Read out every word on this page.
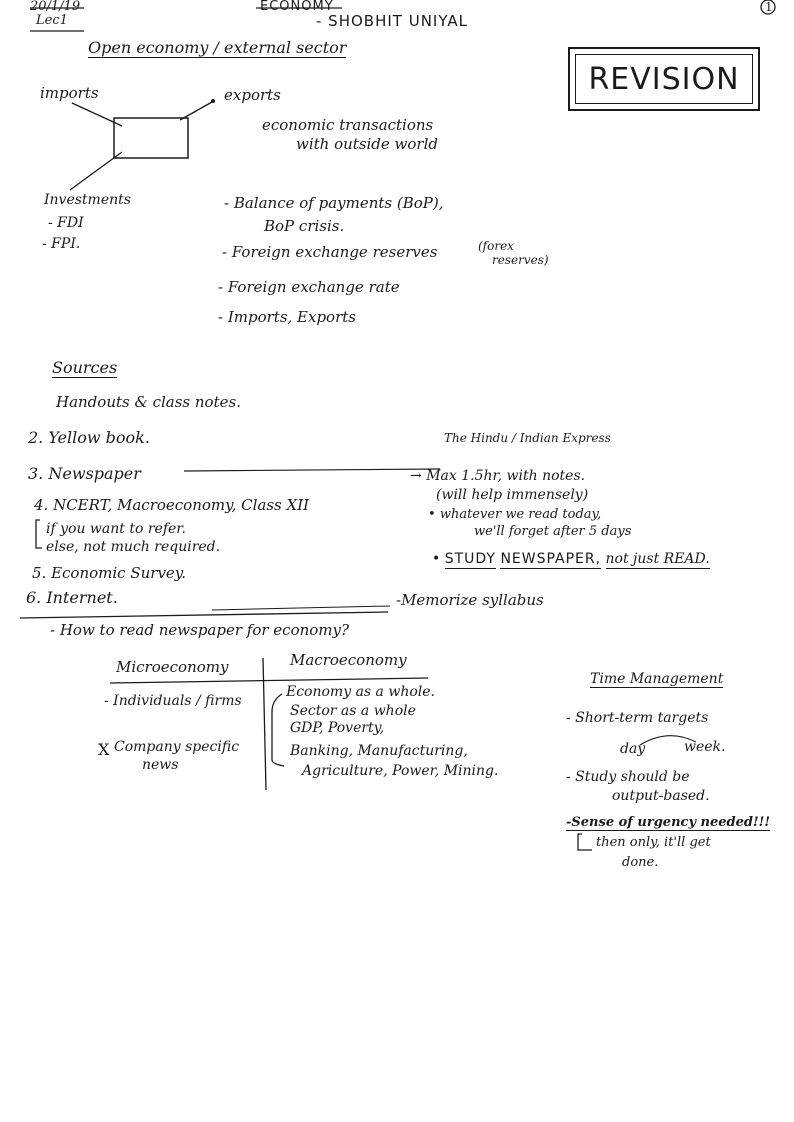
20/1/19
Lec1
ECONOMY
- SHOBHIT UNIYAL
1
REVISION
Open economy / external sector
imports	exports
economic transactions
with outside world
Investments
- FDI
- FPI.
- Balance of payments (BoP),
BoP crisis.
- Foreign exchange reserves	(forex
reserves)
- Foreign exchange rate
- Imports, Exports
Sources
Handouts & class notes.
2. Yellow book.
3. Newspaper
4. NCERT, Macroeconomy, Class XII
if you want to refer.
else, not much required.
5. Economic Survey.
6. Internet.
The Hindu / Indian Express
→ Max 1.5hr, with notes.
(will help immensely)
• whatever we read today,
we'll forget after 5 days
• STUDY NEWSPAPER, not just READ.
-Memorize syllabus
- How to read newspaper for economy?
Microeconomy	Macroeconomy
- Individuals / firms
X Company specific
news
Economy as a whole.
Sector as a whole
GDP, Poverty,
Banking, Manufacturing,
Agriculture, Power, Mining.
Time Management
- Short-term targets
day	week.
- Study should be
output-based.
-Sense of urgency needed!!!
then only, it'll get
done.
